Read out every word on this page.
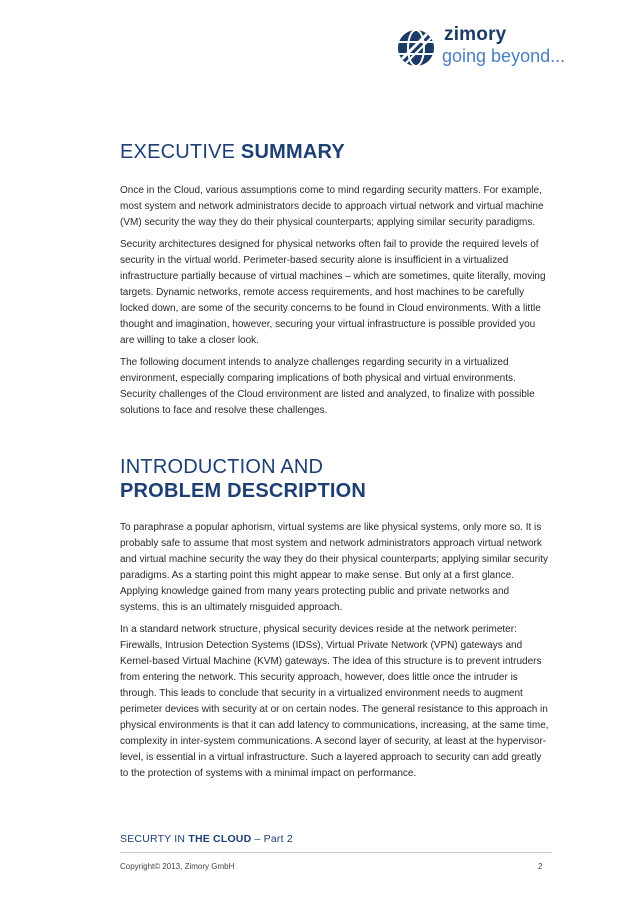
zimory
going beyond...
EXECUTIVE SUMMARY

Once in the Cloud, various assumptions come to mind regarding security matters. For example, most system and network administrators decide to approach virtual network and virtual machine (VM) security the way they do their physical counterparts; applying similar security paradigms.

Security architectures designed for physical networks often fail to provide the required levels of security in the virtual world. Perimeter-based security alone is insufficient in a virtualized infrastructure partially because of virtual machines – which are sometimes, quite literally, moving targets. Dynamic networks, remote access requirements, and host machines to be carefully locked down, are some of the security concerns to be found in Cloud environments. With a little thought and imagination, however, securing your virtual infrastructure is possible provided you are willing to take a closer look.

The following document intends to analyze challenges regarding security in a virtualized environment, especially comparing implications of both physical and virtual environments. Security challenges of the Cloud environment are listed and analyzed, to finalize with possible solutions to face and resolve these challenges.

INTRODUCTION AND
PROBLEM DESCRIPTION

To paraphrase a popular aphorism, virtual systems are like physical systems, only more so. It is probably safe to assume that most system and network administrators approach virtual network and virtual machine security the way they do their physical counterparts; applying similar security paradigms. As a starting point this might appear to make sense. But only at a first glance. Applying knowledge gained from many years protecting public and private networks and systems, this is an ultimately misguided approach.

In a standard network structure, physical security devices reside at the network perimeter: Firewalls, Intrusion Detection Systems (IDSs), Virtual Private Network (VPN) gateways and Kernel-based Virtual Machine (KVM) gateways. The idea of this structure is to prevent intruders from entering the network. This security approach, however, does little once the intruder is through. This leads to conclude that security in a virtualized environment needs to augment perimeter devices with security at or on certain nodes. The general resistance to this approach in physical environments is that it can add latency to communications, increasing, at the same time, complexity in inter-system communications. A second layer of security, at least at the hypervisor-level, is essential in a virtual infrastructure. Such a layered approach to security can add greatly to the protection of systems with a minimal impact on performance.

SECURTY IN THE CLOUD – Part 2
Copyright© 2013, Zimory GmbH	2
